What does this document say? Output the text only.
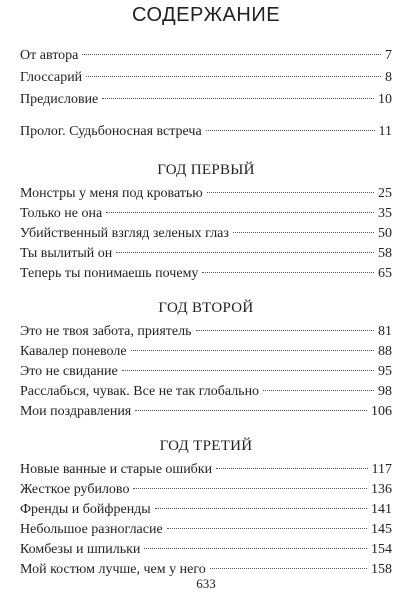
СОДЕРЖАНИЕ
От автора	7
Глоссарий	8
Предисловие	10
Пролог. Судьбоносная встреча	11
ГОД ПЕРВЫЙ
Монстры у меня под кроватью	25
Только не она	35
Убийственный взгляд зеленых глаз	50
Ты вылитый он	58
Теперь ты понимаешь почему	65
ГОД ВТОРОЙ
Это не твоя забота, приятель	81
Кавалер поневоле	88
Это не свидание	95
Расслабься, чувак. Все не так глобально	98
Мои поздравления	106
ГОД ТРЕТИЙ
Новые ванные и старые ошибки	117
Жесткое рубилово	136
Френды и бойфренды	141
Небольшое разногласие	145
Комбезы и шпильки	154
Мой костюм лучше, чем у него	158
633
